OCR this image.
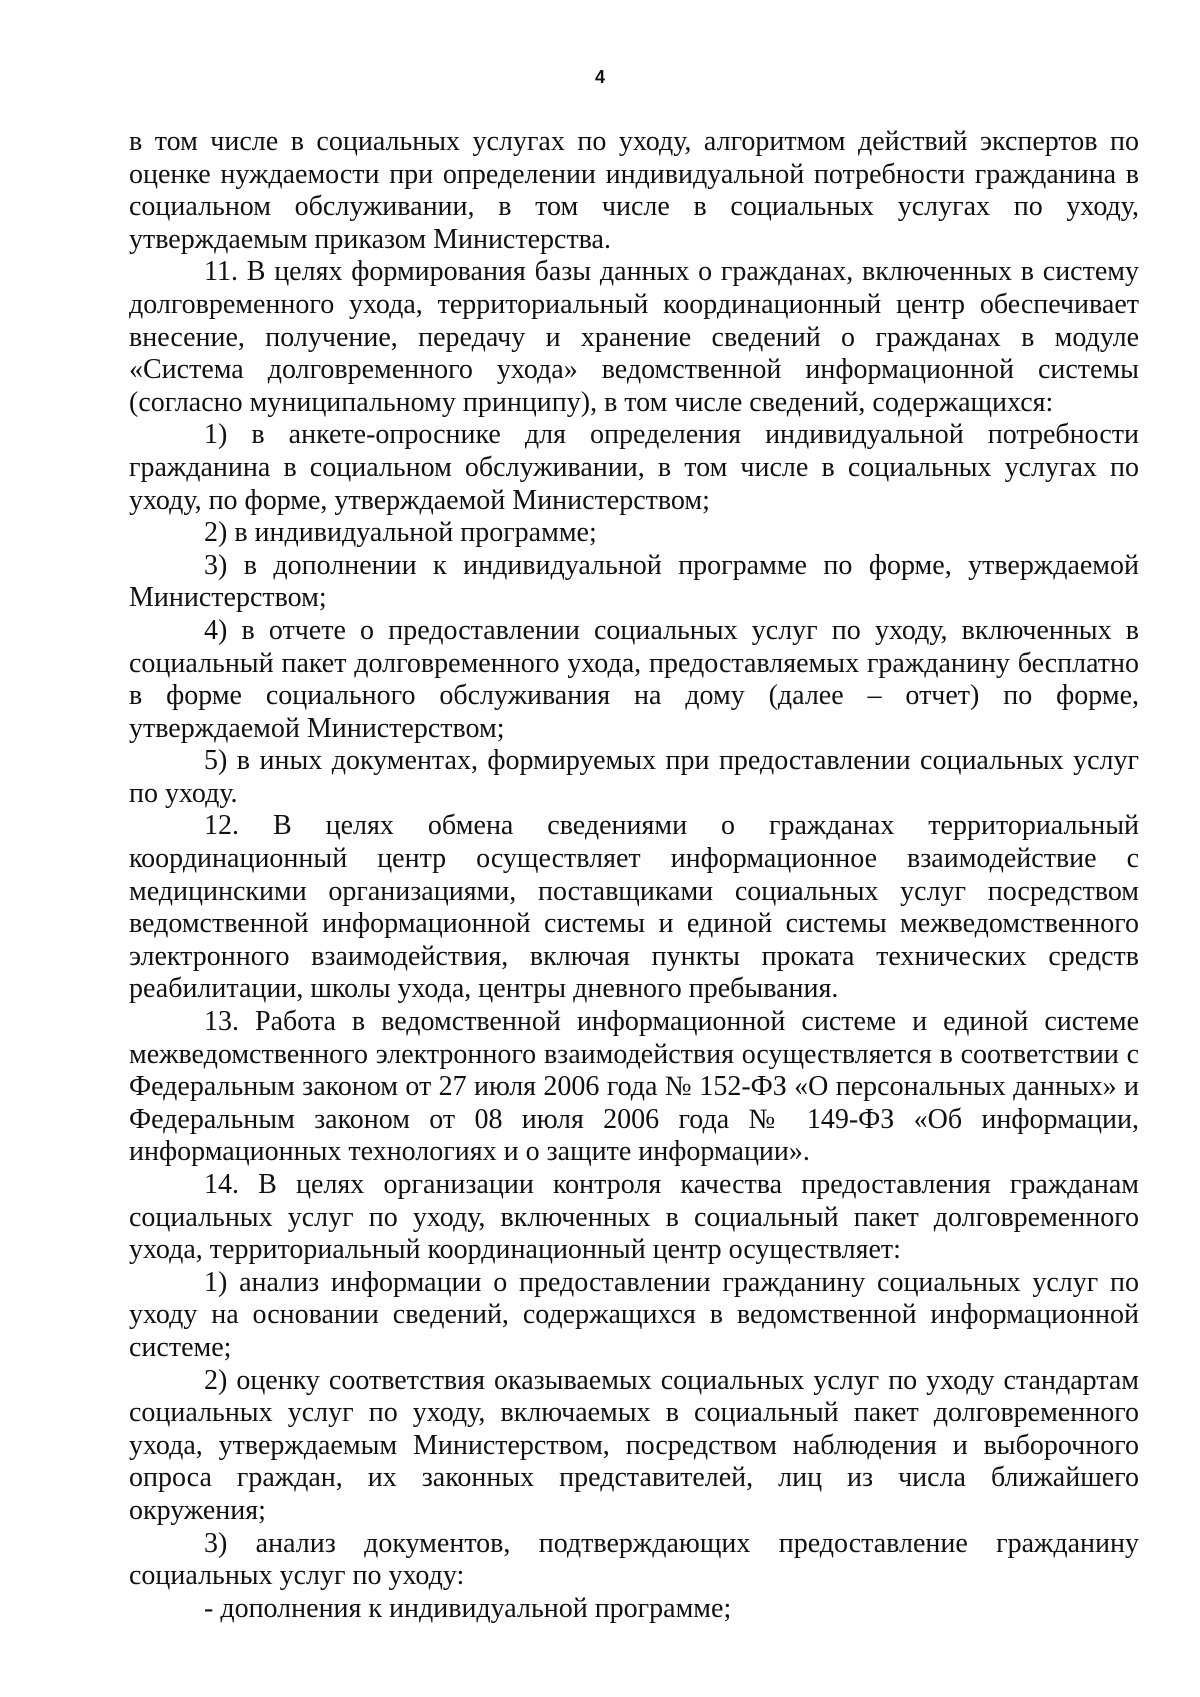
4

в том числе в социальных услугах по уходу, алгоритмом действий экспертов по оценке нуждаемости при определении индивидуальной потребности гражданина в социальном обслуживании, в том числе в социальных услугах по уходу, утверждаемым приказом Министерства.

11. В целях формирования базы данных о гражданах, включенных в систему долговременного ухода, территориальный координационный центр обеспечивает внесение, получение, передачу и хранение сведений о гражданах в модуле «Система долговременного ухода» ведомственной информационной системы (согласно муниципальному принципу), в том числе сведений, содержащихся:

1) в анкете-опроснике для определения индивидуальной потребности гражданина в социальном обслуживании, в том числе в социальных услугах по уходу, по форме, утверждаемой Министерством;

2) в индивидуальной программе;

3) в дополнении к индивидуальной программе по форме, утверждаемой Министерством;

4) в отчете о предоставлении социальных услуг по уходу, включенных в социальный пакет долговременного ухода, предоставляемых гражданину бесплатно в форме социального обслуживания на дому (далее – отчет) по форме, утверждаемой Министерством;

5) в иных документах, формируемых при предоставлении социальных услуг по уходу.

12. В целях обмена сведениями о гражданах территориальный координационный центр осуществляет информационное взаимодействие с медицинскими организациями, поставщиками социальных услуг посредством ведомственной информационной системы и единой системы межведомственного электронного взаимодействия, включая пункты проката технических средств реабилитации, школы ухода, центры дневного пребывания.

13. Работа в ведомственной информационной системе и единой системе межведомственного электронного взаимодействия осуществляется в соответствии с Федеральным законом от 27 июля 2006 года № 152-ФЗ «О персональных данных» и Федеральным законом от 08 июля 2006 года № 149-ФЗ «Об информации, информационных технологиях и о защите информации».

14. В целях организации контроля качества предоставления гражданам социальных услуг по уходу, включенных в социальный пакет долговременного ухода, территориальный координационный центр осуществляет:

1) анализ информации о предоставлении гражданину социальных услуг по уходу на основании сведений, содержащихся в ведомственной информационной системе;

2) оценку соответствия оказываемых социальных услуг по уходу стандартам социальных услуг по уходу, включаемых в социальный пакет долговременного ухода, утверждаемым Министерством, посредством наблюдения и выборочного опроса граждан, их законных представителей, лиц из числа ближайшего окружения;

3) анализ документов, подтверждающих предоставление гражданину социальных услуг по уходу:

- дополнения к индивидуальной программе;
